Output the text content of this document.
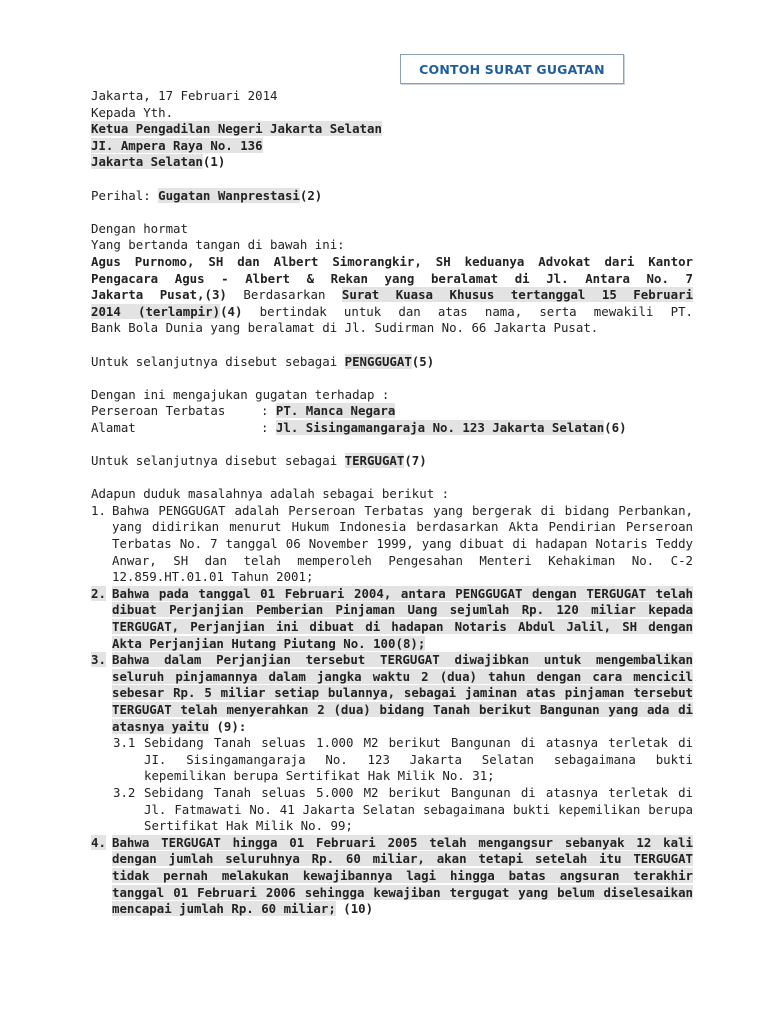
CONTOH SURAT GUGATAN
Jakarta, 17 Februari 2014
Kepada Yth.
Ketua Pengadilan Negeri Jakarta Selatan
JI. Ampera Raya No. 136
Jakarta Selatan(1)
Perihal: Gugatan Wanprestasi(2)
Dengan hormat
Yang bertanda tangan di bawah ini:
Agus Purnomo, SH dan Albert Simorangkir, SH keduanya Advokat dari Kantor
Pengacara Agus - Albert & Rekan yang beralamat di Jl. Antara No. 7
Jakarta Pusat,(3) Berdasarkan Surat Kuasa Khusus tertanggal 15 Februari
2014 (terlampir)(4) bertindak untuk dan atas nama, serta mewakili PT.
Bank Bola Dunia yang beralamat di Jl. Sudirman No. 66 Jakarta Pusat.
Untuk selanjutnya disebut sebagai PENGGUGAT(5)
Dengan ini mengajukan gugatan terhadap :
Perseroan Terbatas	: PT. Manca Negara
Alamat	: Jl. Sisingamangaraja No. 123 Jakarta Selatan(6)
Untuk selanjutnya disebut sebagai TERGUGAT(7)
Adapun duduk masalahnya adalah sebagai berikut :
1. Bahwa PENGGUGAT adalah Perseroan Terbatas yang bergerak di bidang Perbankan, yang didirikan menurut Hukum Indonesia berdasarkan Akta Pendirian Perseroan Terbatas No. 7 tanggal 06 November 1999, yang dibuat di hadapan Notaris Teddy Anwar, SH dan telah memperoleh Pengesahan Menteri Kehakiman No. C-2 12.859.HT.01.01 Tahun 2001;
2. Bahwa pada tanggal 01 Februari 2004, antara PENGGUGAT dengan TERGUGAT telah dibuat Perjanjian Pemberian Pinjaman Uang sejumlah Rp. 120 miliar kepada TERGUGAT, Perjanjian ini dibuat di hadapan Notaris Abdul Jalil, SH dengan Akta Perjanjian Hutang Piutang No. 100(8);
3. Bahwa dalam Perjanjian tersebut TERGUGAT diwajibkan untuk mengembalikan seluruh pinjamannya dalam jangka waktu 2 (dua) tahun dengan cara mencicil sebesar Rp. 5 miliar setiap bulannya, sebagai jaminan atas pinjaman tersebut TERGUGAT telah menyerahkan 2 (dua) bidang Tanah berikut Bangunan yang ada di atasnya yaitu (9):
3.1 Sebidang Tanah seluas 1.000 M2 berikut Bangunan di atasnya terletak di JI. Sisingamangaraja No. 123 Jakarta Selatan sebagaimana bukti kepemilikan berupa Sertifikat Hak Milik No. 31;
3.2 Sebidang Tanah seluas 5.000 M2 berikut Bangunan di atasnya terletak di Jl. Fatmawati No. 41 Jakarta Selatan sebagaimana bukti kepemilikan berupa Sertifikat Hak Milik No. 99;
4. Bahwa TERGUGAT hingga 01 Februari 2005 telah mengangsur sebanyak 12 kali dengan jumlah seluruhnya Rp. 60 miliar, akan tetapi setelah itu TERGUGAT tidak pernah melakukan kewajibannya lagi hingga batas angsuran terakhir tanggal 01 Februari 2006 sehingga kewajiban tergugat yang belum diselesaikan mencapai jumlah Rp. 60 miliar; (10)
